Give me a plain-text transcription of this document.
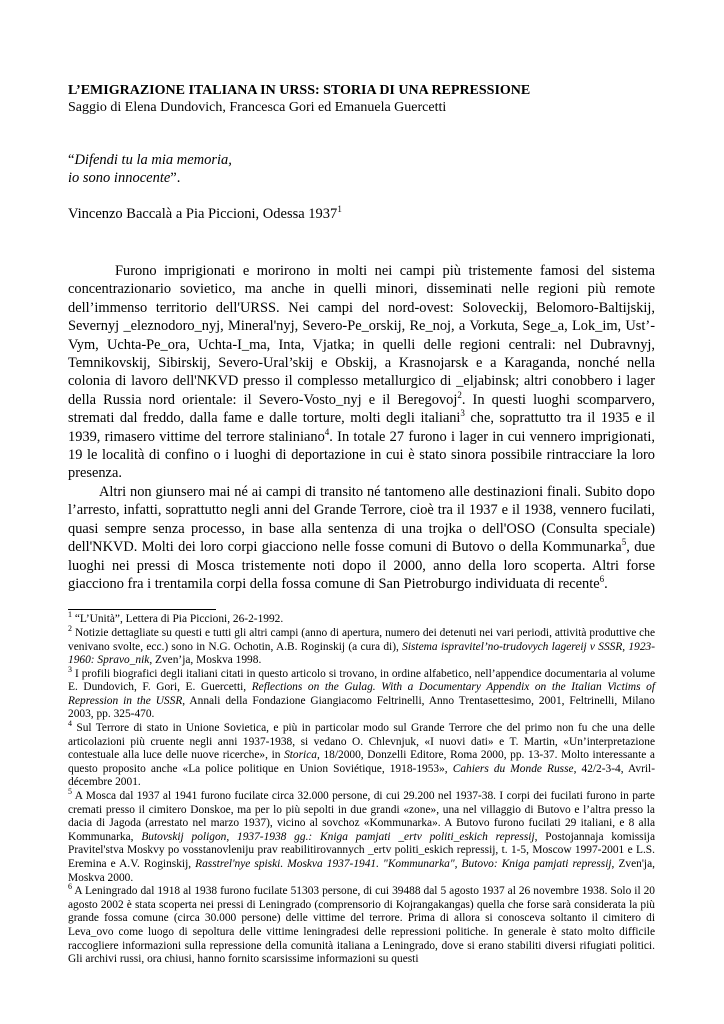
L’EMIGRAZIONE ITALIANA IN URSS: STORIA DI UNA REPRESSIONE

Saggio di Elena Dundovich, Francesca Gori ed Emanuela Guercetti

“Difendi tu la mia memoria,
io sono innocente”.

Vincenzo Baccalà a Pia Piccioni, Odessa 1937$^1$

Furono imprigionati e morirono in molti nei campi più tristemente famosi del sistema concentrazionario sovietico, ma anche in quelli minori, disseminati nelle regioni più remote dell’immenso territorio dell'URSS. Nei campi del nord-ovest: Soloveckij, Belomoro-Baltijskij, Severnyj _eleznodoro_nyj, Mineral'nyj, Severo-Pe_orskij, Re_noj, a Vorkuta, Sege_a, Lok_im, Ust’-Vym, Uchta-Pe_ora, Uchta-I_ma, Inta, Vjatka; in quelli delle regioni centrali: nel Dubravnyj, Temnikovskij, Sibirskij, Severo-Ural’skij e Obskij, a Krasnojarsk e a Karaganda, nonché nella colonia di lavoro dell'NKVD presso il complesso metallurgico di _eljabinsk; altri conobbero i lager della Russia nord orientale: il Severo-Vosto_nyj e il Beregovoj$^2$. In questi luoghi scomparvero, stremati dal freddo, dalla fame e dalle torture, molti degli italiani$^3$ che, soprattutto tra il 1935 e il 1939, rimasero vittime del terrore staliniano$^4$. In totale 27 furono i lager in cui vennero imprigionati, 19 le località di confino o i luoghi di deportazione in cui è stato sinora possibile rintracciare la loro presenza.

Altri non giunsero mai né ai campi di transito né tantomeno alle destinazioni finali. Subito dopo l’arresto, infatti, soprattutto negli anni del Grande Terrore, cioè tra il 1937 e il 1938, vennero fucilati, quasi sempre senza processo, in base alla sentenza di una trojka o dell'OSO (Consulta speciale) dell'NKVD. Molti dei loro corpi giacciono nelle fosse comuni di Butovo o della Kommunarka$^5$, due luoghi nei pressi di Mosca tristemente noti dopo il 2000, anno della loro scoperta. Altri forse giacciono fra i trentamila corpi della fossa comune di San Pietroburgo individuata di recente$^6$.

$^1$ “L’Unità”, Lettera di Pia Piccioni, 26-2-1992.

$^2$ Notizie dettagliate su questi e tutti gli altri campi (anno di apertura, numero dei detenuti nei vari periodi, attività produttive che venivano svolte, ecc.) sono in N.G. Ochotin, A.B. Roginskij (a cura di), Sistema ispravitel’no-trudovych lagereij v SSSR, 1923-1960: Spravo_nik, Zven’ja, Moskva 1998.

$^3$ I profili biografici degli italiani citati in questo articolo si trovano, in ordine alfabetico, nell’appendice documentaria al volume E. Dundovich, F. Gori, E. Guercetti, Reflections on the Gulag. With a Documentary Appendix on the Italian Victims of Repression in the USSR, Annali della Fondazione Giangiacomo Feltrinelli, Anno Trentasettesimo, 2001, Feltrinelli, Milano 2003, pp. 325-470.

$^4$ Sul Terrore di stato in Unione Sovietica, e più in particolar modo sul Grande Terrore che del primo non fu che una delle articolazioni più cruente negli anni 1937-1938, si vedano O. Chlevnjuk, «I nuovi dati» e T. Martin, «Un’interpretazione contestuale alla luce delle nuove ricerche», in Storica, 18/2000, Donzelli Editore, Roma 2000, pp. 13-37. Molto interessante a questo proposito anche «La police politique en Union Soviétique, 1918-1953», Cahiers du Monde Russe, 42/2-3-4, Avril-décembre 2001.

$^5$ A Mosca dal 1937 al 1941 furono fucilate circa 32.000 persone, di cui 29.200 nel 1937-38. I corpi dei fucilati furono in parte cremati presso il cimitero Donskoe, ma per lo più sepolti in due grandi «zone», una nel villaggio di Butovo e l’altra presso la dacia di Jagoda (arrestato nel marzo 1937), vicino al sovchoz «Kommunarka». A Butovo furono fucilati 29 italiani, e 8 alla Kommunarka, Butovskij poligon, 1937-1938 gg.: Kniga pamjati _ertv politi_eskich repressij, Postojannaja komissija Pravitel'stva Moskvy po vosstanovleniju prav reabilitirovannych _ertv politi_eskich repressij, t. 1-5, Moscow 1997-2001 e L.S. Eremina e A.V. Roginskij, Rasstrel'nye spiski. Moskva 1937-1941. "Kommunarka", Butovo: Kniga pamjati repressij, Zven'ja, Moskva 2000.

$^6$ A Leningrado dal 1918 al 1938 furono fucilate 51303 persone, di cui 39488 dal 5 agosto 1937 al 26 novembre 1938. Solo il 20 agosto 2002 è stata scoperta nei pressi di Leningrado (comprensorio di Kojrangakangas) quella che forse sarà considerata la più grande fossa comune (circa 30.000 persone) delle vittime del terrore. Prima di allora si conosceva soltanto il cimitero di Leva_ovo come luogo di sepoltura delle vittime leningradesi delle repressioni politiche. In generale è stato molto difficile raccogliere informazioni sulla repressione della comunità italiana a Leningrado, dove si erano stabiliti diversi rifugiati politici. Gli archivi russi, ora chiusi, hanno fornito scarsissime informazioni su questi
